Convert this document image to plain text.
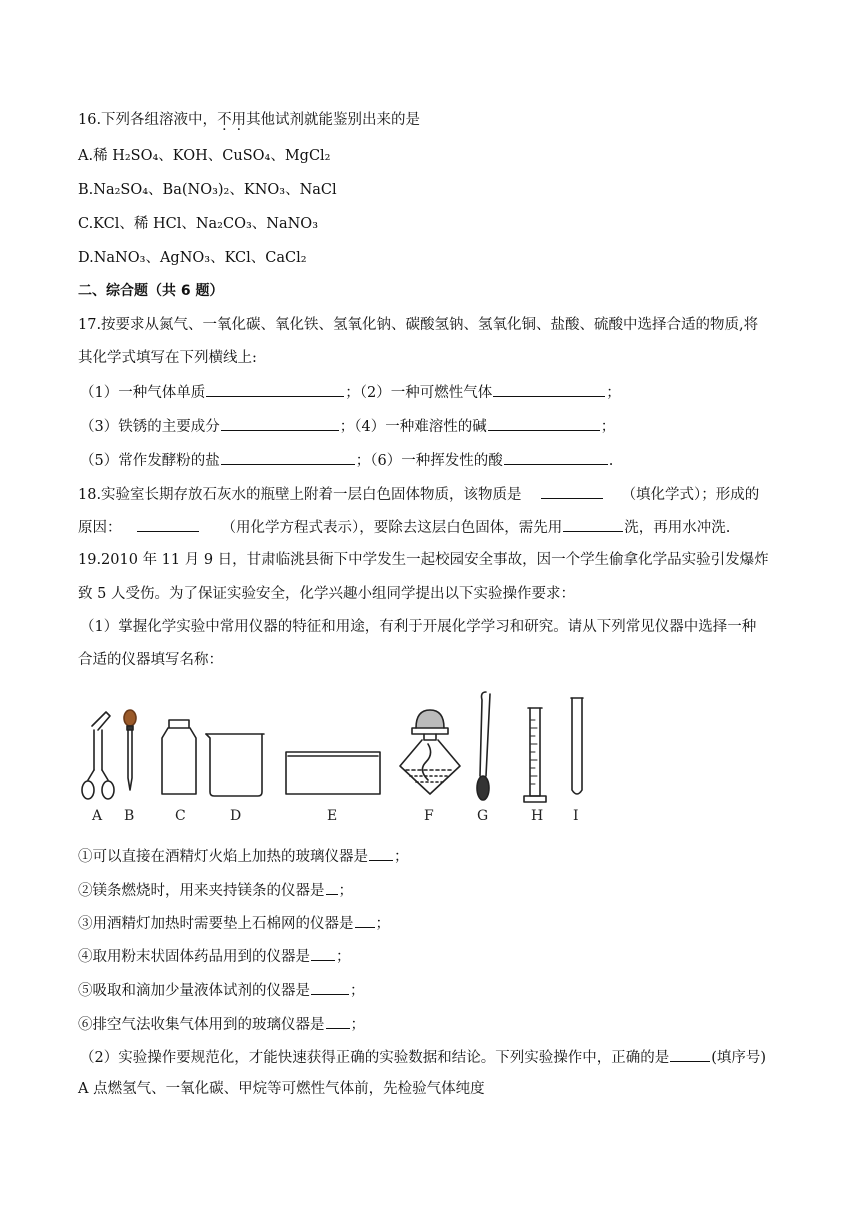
16.下列各组溶液中，不用其他试剂就能鉴别出来的是
A.稀 H₂SO₄、KOH、CuSO₄、MgCl₂
B.Na₂SO₄、Ba(NO₃)₂、KNO₃、NaCl
C.KCl、稀 HCl、Na₂CO₃、NaNO₃
D.NaNO₃、AgNO₃、KCl、CaCl₂
二、综合题（共 6 题）
17.按要求从氮气、一氧化碳、氧化铁、氢氧化钠、碳酸氢钠、氢氧化铜、盐酸、硫酸中选择合适的物质,将
其化学式填写在下列横线上:
（1）一种气体单质	；（2）一种可燃性气体	；
（3）铁锈的主要成分	；（4）一种难溶性的碱	；
（5）常作发酵粉的盐	；（6）一种挥发性的酸	.
18.实验室长期存放石灰水的瓶壁上附着一层白色固体物质，该物质是	（填化学式）；形成的
原因：	（用化学方程式表示），要除去这层白色固体，需先用	洗，再用水冲洗.
19.2010 年 11 月 9 日，甘肃临洮县衙下中学发生一起校园安全事故，因一个学生偷拿化学品实验引发爆炸
致 5 人受伤。为了保证实验安全，化学兴趣小组同学提出以下实验操作要求：
（1）掌握化学实验中常用仪器的特征和用途，有利于开展化学学习和研究。请从下列常见仪器中选择一种
合适的仪器填写名称：
A B	C	D	E	F	G	H I
①可以直接在酒精灯火焰上加热的玻璃仪器是 ；
②镁条燃烧时，用来夹持镁条的仪器是 ；
③用酒精灯加热时需要垫上石棉网的仪器是 ；
④取用粉末状固体药品用到的仪器是 ；
⑤吸取和滴加少量液体试剂的仪器是	；
⑥排空气法收集气体用到的玻璃仪器是 ；
（2）实验操作要规范化，才能快速获得正确的实验数据和结论。下列实验操作中，正确的是	(填序号)
A 点燃氢气、一氧化碳、甲烷等可燃性气体前，先检验气体纯度
